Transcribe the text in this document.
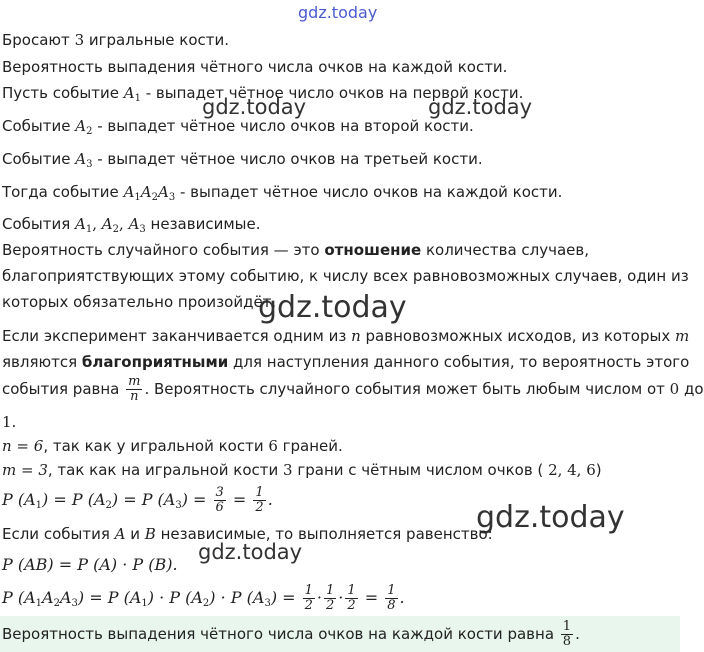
gdz.today
gdz.today	gdz.today
gdz.today
gdz.today
gdz.today
Бросают 3 игральные кости.
Вероятность выпадения чётного числа очков на каждой кости.
Пусть событие $A_1$ - выпадет чётное число очков на первой кости.
Событие $A_2$ - выпадет чётное число очков на второй кости.
Событие $A_3$ - выпадет чётное число очков на третьей кости.
Тогда событие $A_1A_2A_3$ - выпадет чётное число очков на каждой кости.
События $A_1$, $A_2$, $A_3$ независимые.
Вероятность случайного события — это отношение количества случаев,
благоприятствующих этому событию, к числу всех равновозможных случаев, один из
которых обязательно произойдёт.
Если эксперимент заканчивается одним из n равновозможных исходов, из которых m
являются благоприятными для наступления данного события, то вероятность этого
события равна $\frac{m}{n}$ . Вероятность случайного события может быть любым числом от 0 до
1.
n = 6, так как у игральной кости 6 граней.
m = 3, так как на игральной кости 3 грани с чётным числом очков ( 2, 4, 6)
P $(A_1) = P$ $(A_2) = P$ $(A_3) = \frac{3}{6} = \frac{1}{2}$ .
Если события A и B независимые, то выполняется равенство:
P (AB) = P (A) · P (B).
P $(A_1A_2A_3) = P$ $(A_1) \cdot P$ $(A_2) \cdot P$ $(A_3) = \frac{1}{2} \cdot \frac{1}{2} \cdot \frac{1}{2} = \frac{1}{8}$ .
Вероятность выпадения чётного числа очков на каждой кости равна $\frac{1}{8}$ .
